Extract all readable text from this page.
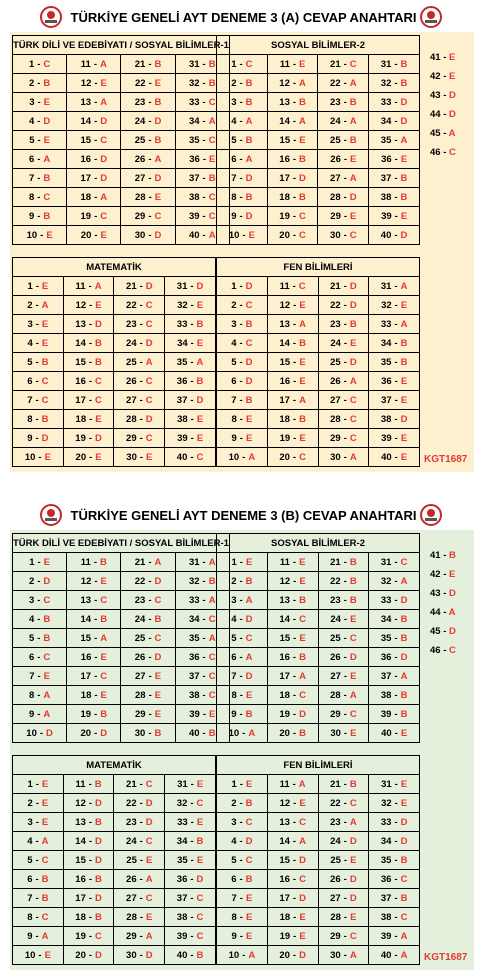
TÜRKİYE GENELİ AYT DENEME 3 (A) CEVAP ANAHTARI
TÜRK DİLİ VE EDEBİYATI / SOSYAL BİLİMLER-1			
1 - C	11 - A	21 - B	31 - B
2 - B	12 - E	22 - E	32 - B
3 - E	13 - A	23 - B	33 - C
4 - D	14 - D	24 - D	34 - A
5 - E	15 - C	25 - B	35 - C
6 - A	16 - D	26 - A	36 - E
7 - B	17 - D	27 - D	37 - B
8 - C	18 - A	28 - E	38 - C
9 - B	19 - C	29 - C	39 - C
10 - E	20 - E	30 - D	40 - A
SOSYAL BİLİMLER-2			
1 - C	11 - E	21 - C	31 - B
2 - B	12 - A	22 - A	32 - B
3 - B	13 - B	23 - B	33 - D
4 - A	14 - A	24 - A	34 - D
5 - B	15 - E	25 - B	35 - A
6 - A	16 - B	26 - E	36 - E
7 - D	17 - D	27 - A	37 - B
8 - B	18 - B	28 - D	38 - B
9 - D	19 - C	29 - E	39 - E
10 - E	20 - C	30 - C	40 - D
MATEMATİK			
1 - E	11 - A	21 - D	31 - D
2 - A	12 - E	22 - C	32 - E
3 - E	13 - D	23 - C	33 - B
4 - E	14 - B	24 - D	34 - E
5 - B	15 - B	25 - A	35 - A
6 - C	16 - C	26 - C	36 - B
7 - C	17 - C	27 - C	37 - D
8 - B	18 - E	28 - D	38 - E
9 - D	19 - D	29 - C	39 - E
10 - E	20 - E	30 - E	40 - C
FEN BİLİMLERİ			
1 - D	11 - C	21 - D	31 - A
2 - C	12 - E	22 - D	32 - E
3 - B	13 - A	23 - B	33 - A
4 - C	14 - B	24 - E	34 - B
5 - D	15 - E	25 - D	35 - B
6 - D	16 - E	26 - A	36 - E
7 - B	17 - A	27 - C	37 - E
8 - E	18 - B	28 - C	38 - D
9 - E	19 - E	29 - C	39 - E
10 - A	20 - C	30 - A	40 - E
41 - E
42 - E
43 - D
44 - D
45 - A
46 - C
KGT1687
TÜRKİYE GENELİ AYT DENEME 3 (B) CEVAP ANAHTARI
TÜRK DİLİ VE EDEBİYATI / SOSYAL BİLİMLER-1			
1 - E	11 - B	21 - A	31 - A
2 - D	12 - E	22 - D	32 - B
3 - C	13 - C	23 - C	33 - A
4 - B	14 - B	24 - B	34 - C
5 - B	15 - A	25 - C	35 - A
6 - C	16 - E	26 - D	36 - C
7 - E	17 - C	27 - E	37 - C
8 - A	18 - E	28 - E	38 - C
9 - A	19 - B	29 - E	39 - E
10 - D	20 - D	30 - B	40 - B
SOSYAL BİLİMLER-2			
1 - E	11 - E	21 - B	31 - C
2 - B	12 - E	22 - B	32 - A
3 - A	13 - B	23 - B	33 - D
4 - D	14 - C	24 - E	34 - B
5 - C	15 - E	25 - C	35 - B
6 - A	16 - B	26 - D	36 - D
7 - D	17 - A	27 - E	37 - A
8 - E	18 - C	28 - A	38 - B
9 - B	19 - D	29 - C	39 - B
10 - A	20 - B	30 - E	40 - E
MATEMATİK			
1 - E	11 - B	21 - C	31 - E
2 - E	12 - D	22 - D	32 - C
3 - E	13 - B	23 - D	33 - E
4 - A	14 - D	24 - C	34 - B
5 - C	15 - D	25 - E	35 - E
6 - B	16 - B	26 - A	36 - D
7 - B	17 - D	27 - C	37 - C
8 - C	18 - B	28 - E	38 - C
9 - A	19 - C	29 - A	39 - C
10 - E	20 - D	30 - D	40 - B
FEN BİLİMLERİ			
1 - E	11 - A	21 - B	31 - E
2 - B	12 - E	22 - C	32 - E
3 - C	13 - C	23 - A	33 - D
4 - D	14 - A	24 - D	34 - D
5 - C	15 - D	25 - E	35 - B
6 - B	16 - C	26 - D	36 - C
7 - E	17 - D	27 - D	37 - B
8 - E	18 - E	28 - E	38 - C
9 - E	19 - E	29 - C	39 - A
10 - A	20 - D	30 - A	40 - A
41 - B
42 - E
43 - D
44 - A
45 - D
46 - C
KGT1687
